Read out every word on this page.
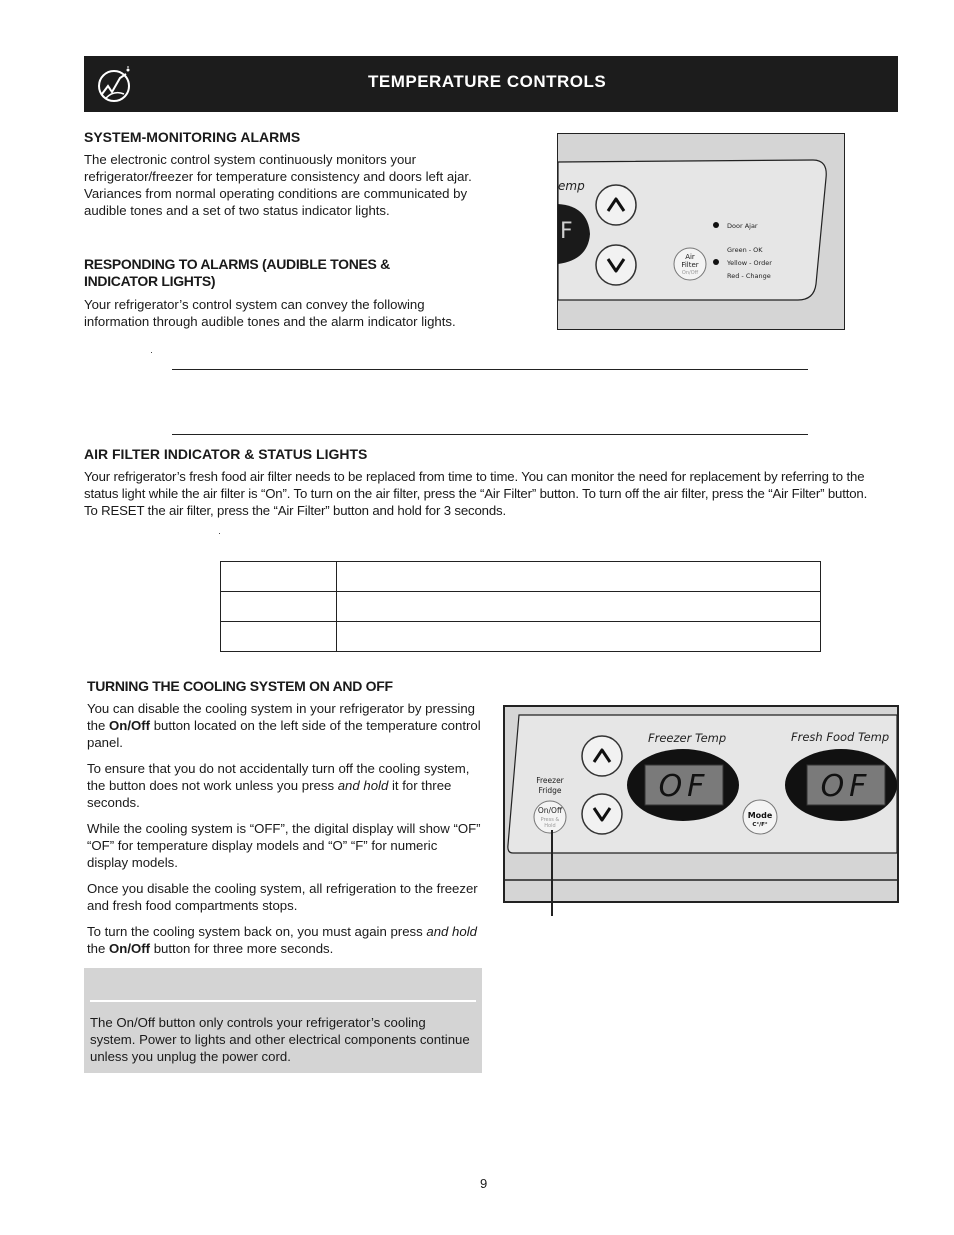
TEMPERATURE CONTROLS
SYSTEM-MONITORING ALARMS

The electronic control system continuously monitors your refrigerator/freezer for temperature consistency and doors left ajar. Variances from normal operating conditions are communicated by audible tones and a set of two status indicator lights.

RESPONDING TO ALARMS (AUDIBLE TONES & INDICATOR LIGHTS)

Your refrigerator’s control system can convey the following information through audible tones and the alarm indicator lights.

F
emp
Air
Filter
On/Off
Door Ajar
Green - OK
Yellow - Order
Red - Change
AIR FILTER INDICATOR & STATUS LIGHTS

Your refrigerator’s fresh food air filter needs to be replaced from time to time. You can monitor the need for replacement by referring to the status light while the air filter is “On”. To turn on the air filter, press the “Air Filter” button. To turn off the air filter, press the “Air Filter” button. To RESET the air filter, press the “Air Filter” button and hold for 3 seconds.

TURNING THE COOLING SYSTEM ON AND OFF

You can disable the cooling system in your refrigerator by pressing the On/Off button located on the left side of the temperature control panel.

To ensure that you do not accidentally turn off the cooling system, the button does not work unless you press and hold it for three seconds.

While the cooling system is “OFF”, the digital display will show “OF” “OF” for temperature display models and “O” “F” for numeric display models.

Once you disable the cooling system, all refrigeration to the freezer and fresh food compartments stops.

To turn the cooling system back on, you must again press and hold the On/Off button for three more seconds.

Freezer Temp	Fresh Food Temp
OF	OF
Freezer
Fridge
On/Off
Press &
Hold
Mode
C°/F°

The On/Off button only controls your refrigerator’s cooling system. Power to lights and other electrical components continue unless you unplug the power cord.

9
